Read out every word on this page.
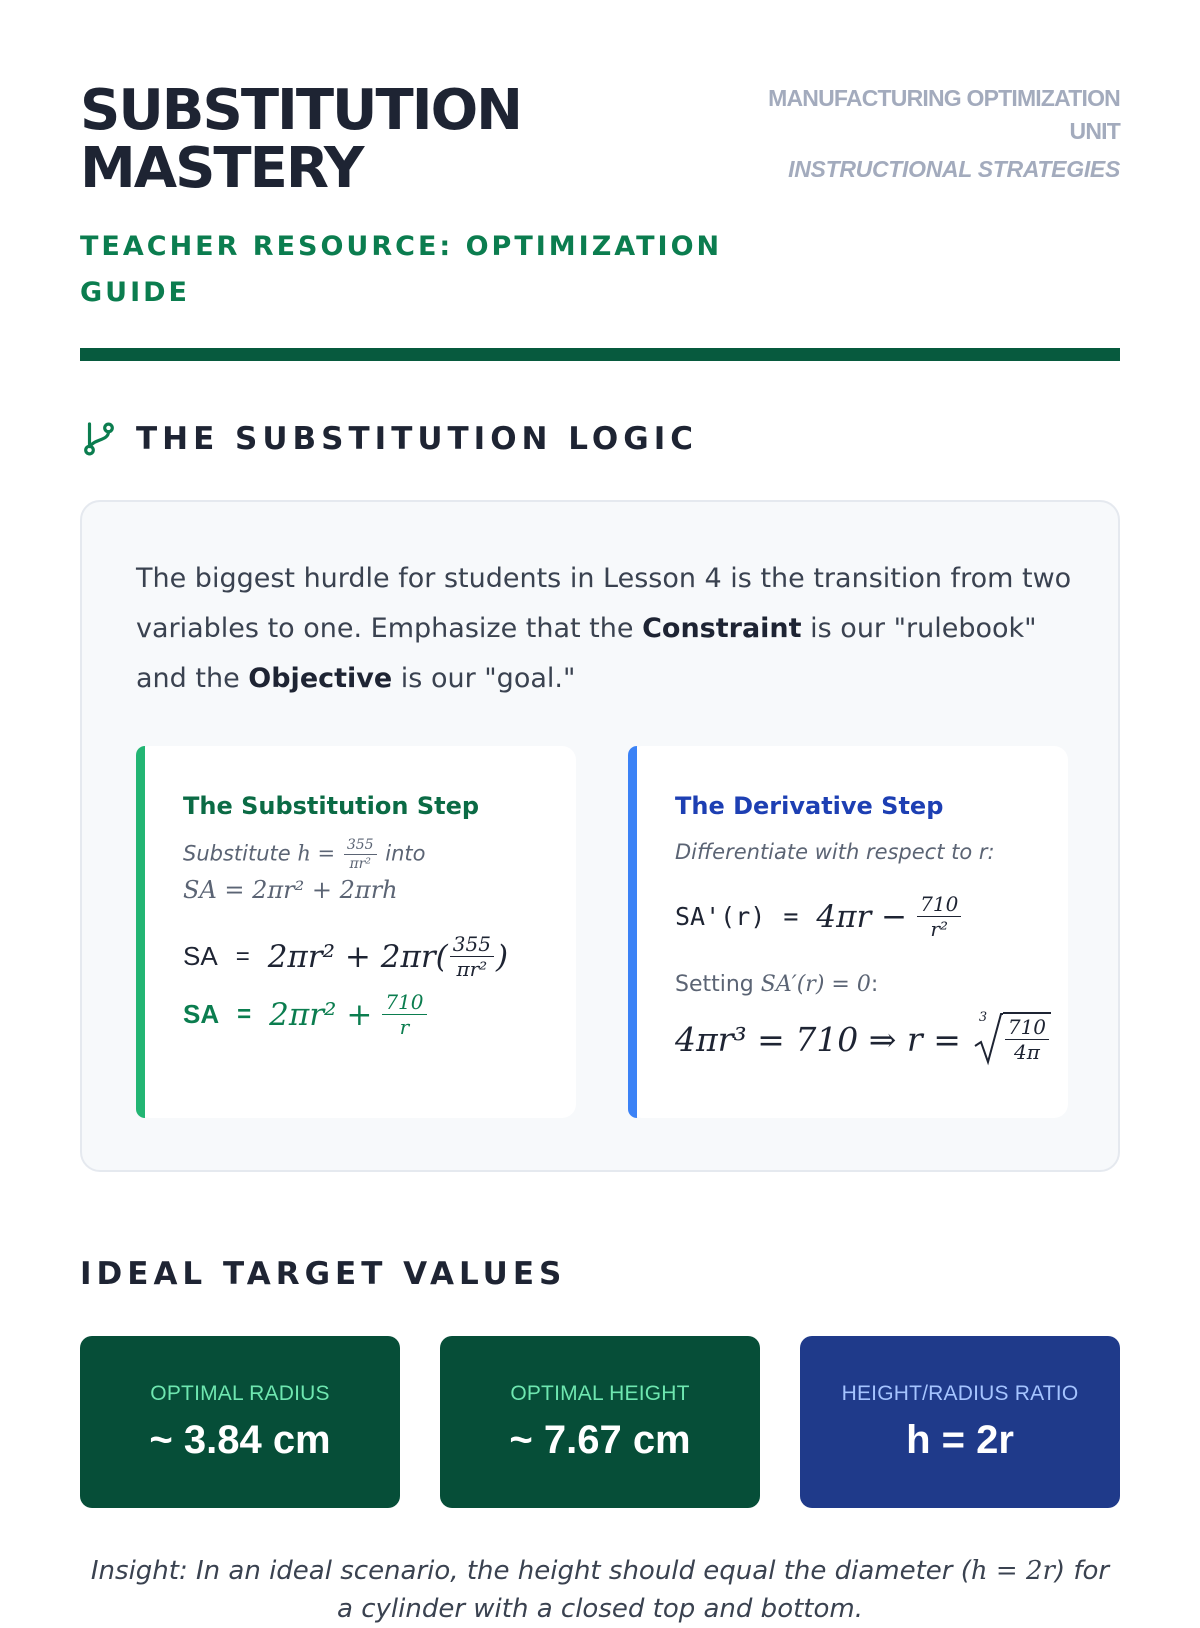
SUBSTITUTION
MASTERY
TEACHER RESOURCE: OPTIMIZATION GUIDE
MANUFACTURING OPTIMIZATION UNIT
INSTRUCTIONAL STRATEGIES
THE SUBSTITUTION LOGIC

The biggest hurdle for students in Lesson 4 is the transition from two variables to one. Emphasize that the Constraint is our "rulebook" and the Objective is our "goal."

The Substitution Step
Substitute $h = \frac{355}{\text{πr²}}$ into
SA = 2πr² + 2πrh
SA = $2\pi r^2 + 2\pi r( \frac{355}{\text{πr²}}$ )
SA = $2\pi r^2 + \frac{710}{r}$
The Derivative Step
Differentiate with respect to r:
$SA'(r) = 4\pi r - \frac{710}{\text{r²}}$
Setting SA′(r) = 0:
4πr³ = 710 ⇒ r =
$3 \frac{710}{4\pi}$
IDEAL TARGET VALUES
OPTIMAL RADIUS
~ 3.84 cm
OPTIMAL HEIGHT
~ 7.67 cm
HEIGHT/RADIUS RATIO
h = 2r

Insight: In an ideal scenario, the height should equal the diameter (h = 2r) for a cylinder with a closed top and bottom.
